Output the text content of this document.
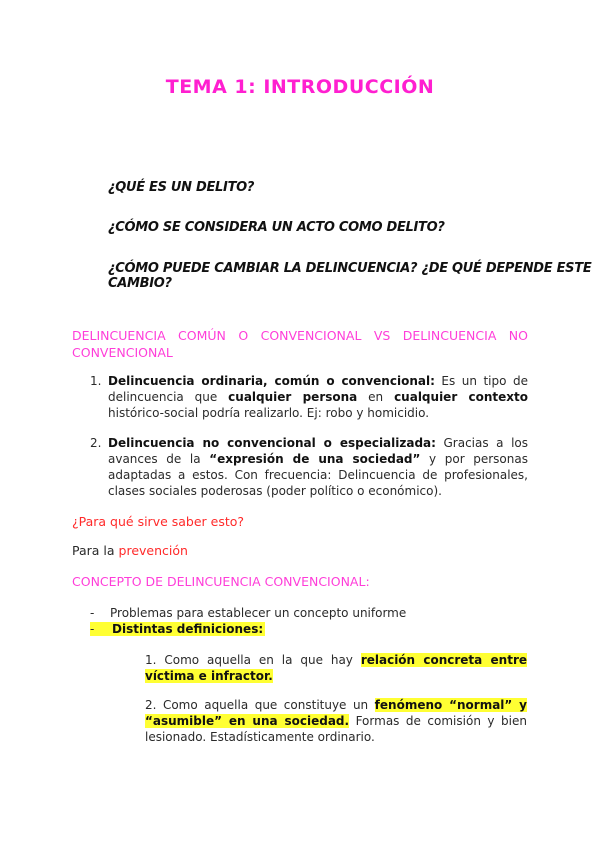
TEMA 1: INTRODUCCIÓN
¿QUÉ ES UN DELITO?
¿CÓMO SE CONSIDERA UN ACTO COMO DELITO?
¿CÓMO PUEDE CAMBIAR LA DELINCUENCIA? ¿DE QUÉ DEPENDE ESTE CAMBIO?
DELINCUENCIA COMÚN O CONVENCIONAL VS DELINCUENCIA NO CONVENCIONAL
1. Delincuencia ordinaria, común o convencional: Es un tipo de delincuencia que cualquier persona en cualquier contexto histórico-social podría realizarlo. Ej: robo y homicidio.
2. Delincuencia no convencional o especializada: Gracias a los avances de la “expresión de una sociedad” y por personas adaptadas a estos. Con frecuencia: Delincuencia de profesionales, clases sociales poderosas (poder político o económico).
¿Para qué sirve saber esto?
Para la prevención
CONCEPTO DE DELINCUENCIA CONVENCIONAL:
- Problemas para establecer un concepto uniforme
- Distintas definiciones:
1. Como aquella en la que hay relación concreta entre víctima e infractor.
2. Como aquella que constituye un fenómeno “normal” y “asumible” en una sociedad. Formas de comisión y bien lesionado. Estadísticamente ordinario.
